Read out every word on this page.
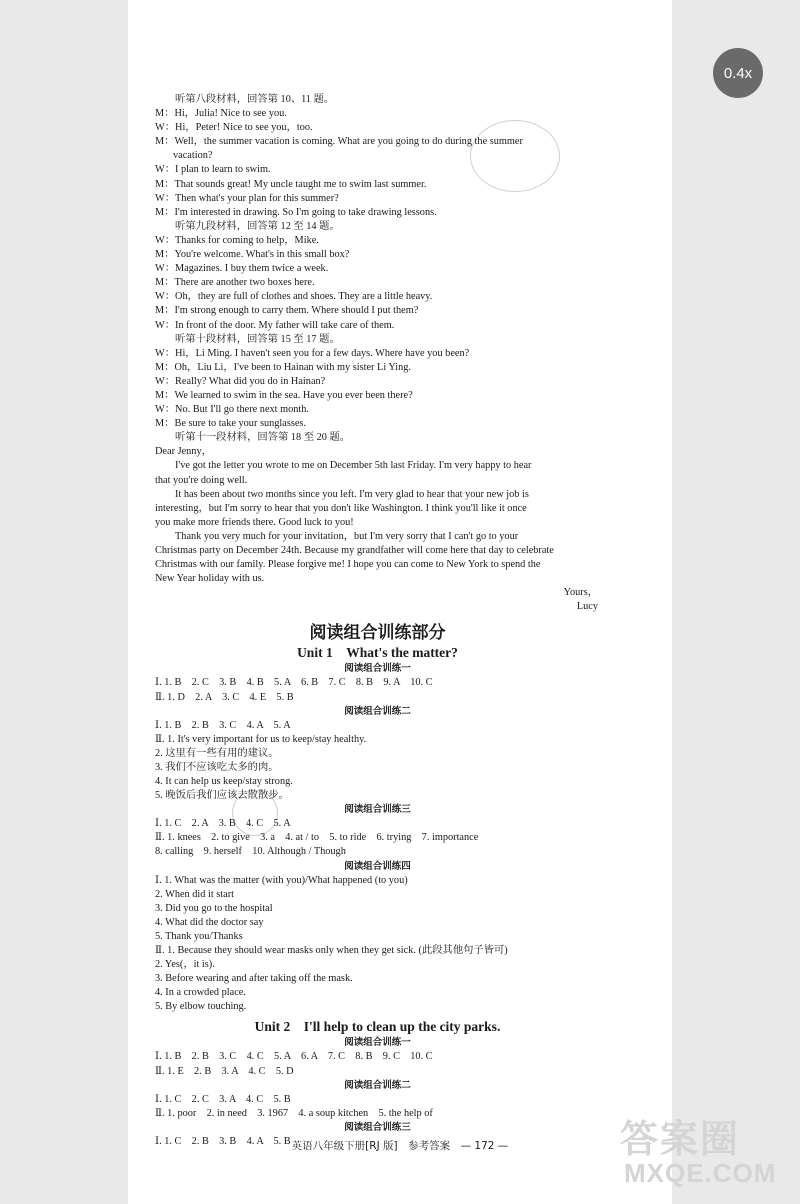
听第八段材料，回答第 10、11 题。
M：Hi，Julia! Nice to see you.
W：Hi，Peter! Nice to see you，too.
M：Well，the summer vacation is coming. What are you going to do during the summer
vacation?
W：I plan to learn to swim.
M：That sounds great! My uncle taught me to swim last summer.
W：Then what's your plan for this summer?
M：I'm interested in drawing. So I'm going to take drawing lessons.
听第九段材料，回答第 12 至 14 题。
W：Thanks for coming to help，Mike.
M：You're welcome. What's in this small box?
W：Magazines. I buy them twice a week.
M：There are another two boxes here.
W：Oh，they are full of clothes and shoes. They are a little heavy.
M：I'm strong enough to carry them. Where should I put them?
W：In front of the door. My father will take care of them.
听第十段材料，回答第 15 至 17 题。
W：Hi，Li Ming. I haven't seen you for a few days. Where have you been?
M：Oh，Liu Li，I've been to Hainan with my sister Li Ying.
W：Really? What did you do in Hainan?
M：We learned to swim in the sea. Have you ever been there?
W：No. But I'll go there next month.
M：Be sure to take your sunglasses.
听第十一段材料，回答第 18 至 20 题。
Dear Jenny，
I've got the letter you wrote to me on December 5th last Friday. I'm very happy to hear
that you're doing well.
It has been about two months since you left. I'm very glad to hear that your new job is
interesting，but I'm sorry to hear that you don't like Washington. I think you'll like it once
you make more friends there. Good luck to you!
Thank you very much for your invitation，but I'm very sorry that I can't go to your
Christmas party on December 24th. Because my grandfather will come here that day to celebrate
Christmas with our family. Please forgive me! I hope you can come to New York to spend the
New Year holiday with us.
Yours，
Lucy
阅读组合训练部分
Unit 1　What's the matter?
阅读组合训练一
Ⅰ. 1. B　2. C　3. B　4. B　5. A　6. B　7. C　8. B　9. A　10. C
Ⅱ. 1. D　2. A　3. C　4. E　5. B
阅读组合训练二
Ⅰ. 1. B　2. B　3. C　4. A　5. A
Ⅱ. 1. It's very important for us to keep/stay healthy.
2. 这里有一些有用的建议。
3. 我们不应该吃太多的肉。
4. It can help us keep/stay strong.
5. 晚饭后我们应该去散散步。
阅读组合训练三
Ⅰ. 1. C　2. A　3. B　4. C　5. A
Ⅱ. 1. knees　2. to give　3. a　4. at / to　5. to ride　6. trying　7. importance
8. calling　9. herself　10. Although / Though
阅读组合训练四
Ⅰ. 1. What was the matter (with you)/What happened (to you)
2. When did it start
3. Did you go to the hospital
4. What did the doctor say
5. Thank you/Thanks
Ⅱ. 1. Because they should wear masks only when they get sick. (此段其他句子皆可)
2. Yes(，it is).
3. Before wearing and after taking off the mask.
4. In a crowded place.
5. By elbow touching.
Unit 2　I'll help to clean up the city parks.
阅读组合训练一
Ⅰ. 1. B　2. B　3. C　4. C　5. A　6. A　7. C　8. B　9. C　10. C
Ⅱ. 1. E　2. B　3. A　4. C　5. D
阅读组合训练二
Ⅰ. 1. C　2. C　3. A　4. C　5. B
Ⅱ. 1. poor　2. in need　3. 1967　4. a soup kitchen　5. the help of
阅读组合训练三
Ⅰ. 1. C　2. B　3. B　4. A　5. B 英语八年级下册[RJ 版]　参考答案　— 172 —
0.4x
答案圈
MXQE.COM
